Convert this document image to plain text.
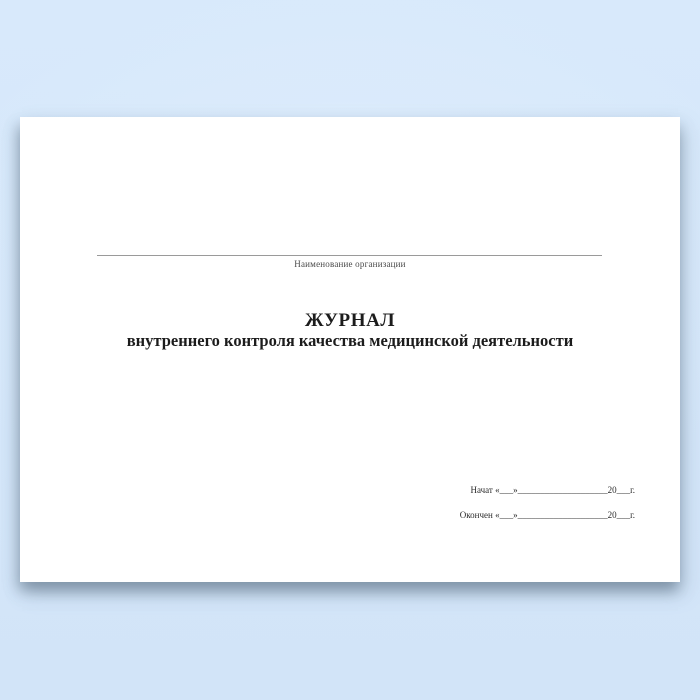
Наименование организации
ЖУРНАЛ
внутреннего контроля качества медицинской деятельности
Начат «___»____________________20___г.
Окончен «___»____________________20___г.
